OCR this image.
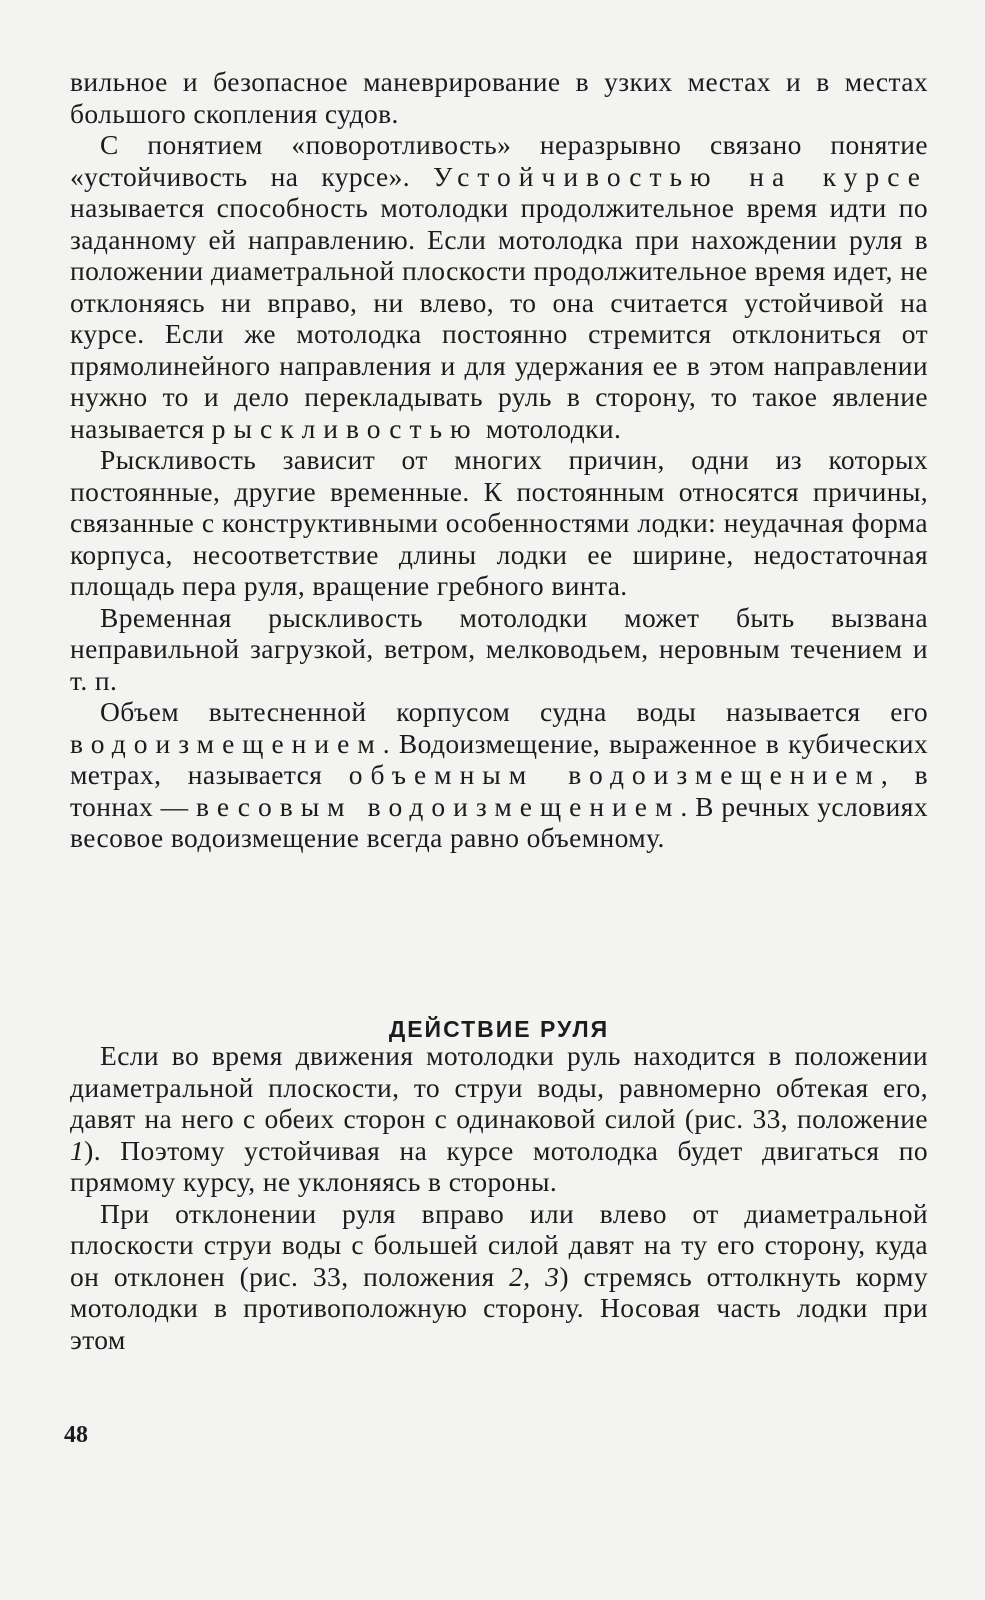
вильное и безопасное маневрирование в узких местах и в местах большого скопления судов.

С понятием «поворотливость» неразрывно связано понятие «устойчивость на курсе». Устойчивостью на курсе называется способность мотолодки продолжительное время идти по заданному ей направлению. Если мотолодка при нахождении руля в положении диаметральной плоскости продолжительное время идет, не отклоняясь ни вправо, ни влево, то она считается устойчивой на курсе. Если же мотолодка постоянно стремится отклониться от прямолинейного направления и для удержания ее в этом направлении нужно то и дело перекладывать руль в сторону, то такое явление называется рыскливостью мотолодки.

Рыскливость зависит от многих причин, одни из которых постоянные, другие временные. К постоянным относятся причины, связанные с конструктивными особенностями лодки: неудачная форма корпуса, несоответствие длины лодки ее ширине, недостаточная площадь пера руля, вращение гребного винта.

Временная рыскливость мотолодки может быть вызвана неправильной загрузкой, ветром, мелководьем, неровным течением и т. п.

Объем вытесненной корпусом судна воды называется его водоизмещением. Водоизмещение, выраженное в кубических метрах, называется объемным водоизмещением, в тоннах — весовым водоизмещением. В речных условиях весовое водоизмещение всегда равно объемному.

ДЕЙСТВИЕ РУЛЯ

Если во время движения мотолодки руль находится в положении диаметральной плоскости, то струи воды, равномерно обтекая его, давят на него с обеих сторон с одинаковой силой (рис. 33, положение 1). Поэтому устойчивая на курсе мотолодка будет двигаться по прямому курсу, не уклоняясь в стороны.

При отклонении руля вправо или влево от диаметральной плоскости струи воды с большей силой давят на ту его сторону, куда он отклонен (рис. 33, положения 2, 3) стремясь оттолкнуть корму мотолодки в противоположную сторону. Носовая часть лодки при этом

48
